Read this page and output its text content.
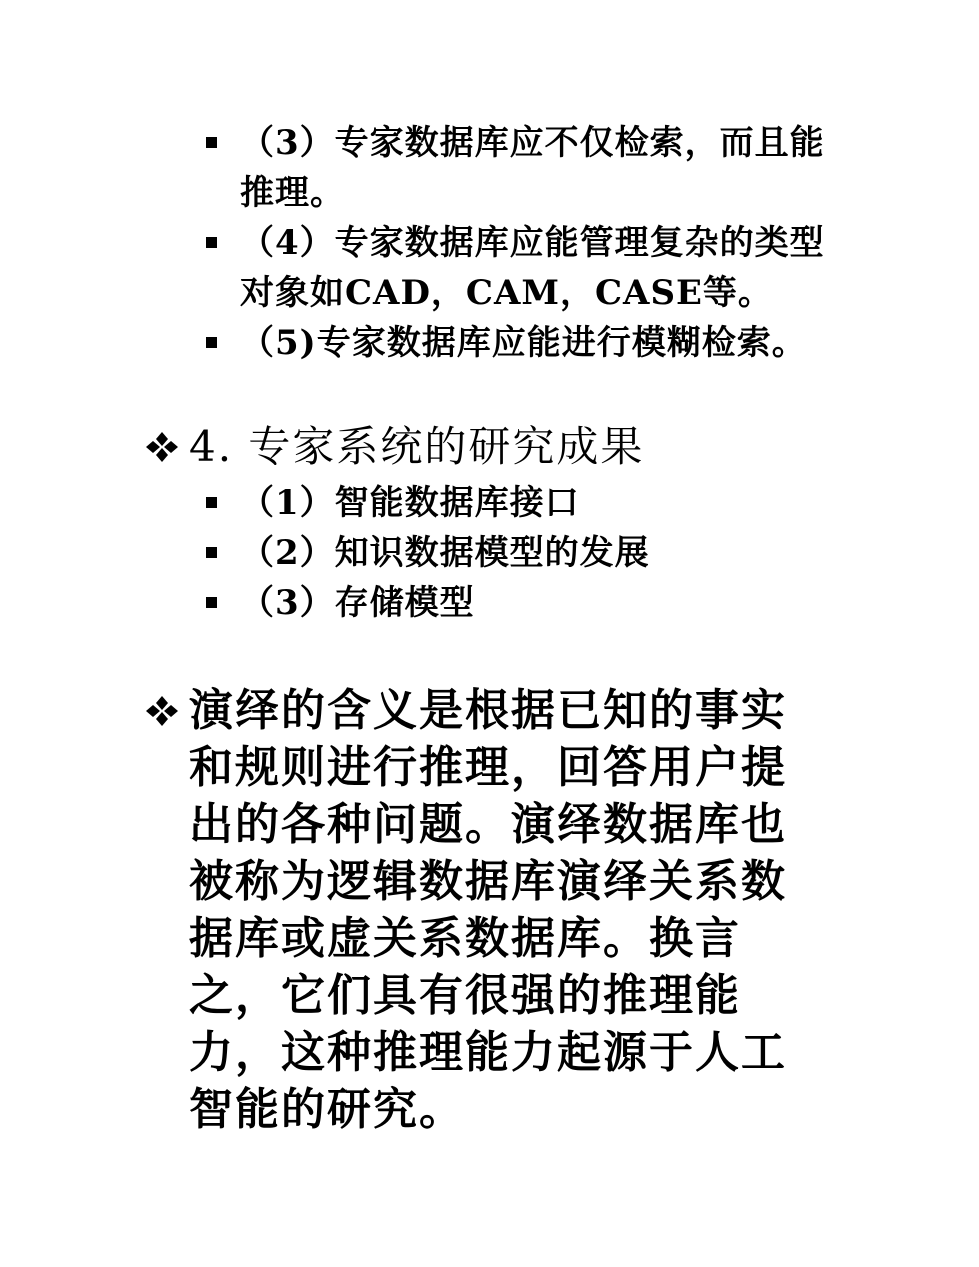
（3）专家数据库应不仅检索，而且能推理。
（4）专家数据库应能管理复杂的类型对象如CAD，CAM，CASE等。
（5)专家数据库应能进行模糊检索。
4. 专家系统的研究成果
（1）智能数据库接口
（2）知识数据模型的发展
（3）存储模型
演绎的含义是根据已知的事实和规则进行推理，回答用户提出的各种问题。演绎数据库也被称为逻辑数据库演绎关系数据库或虚关系数据库。换言之，它们具有很强的推理能力，这种推理能力起源于人工智能的研究。
